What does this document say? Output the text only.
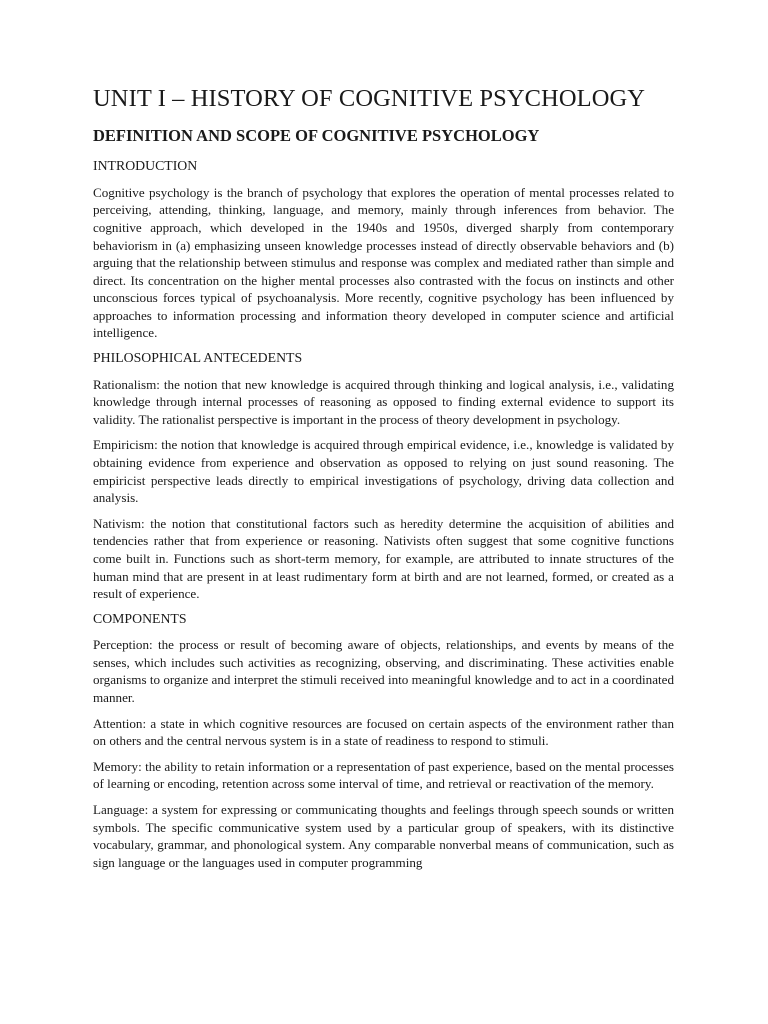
UNIT I – HISTORY OF COGNITIVE PSYCHOLOGY
DEFINITION AND SCOPE OF COGNITIVE PSYCHOLOGY
INTRODUCTION

Cognitive psychology is the branch of psychology that explores the operation of mental processes related to perceiving, attending, thinking, language, and memory, mainly through inferences from behavior. The cognitive approach, which developed in the 1940s and 1950s, diverged sharply from contemporary behaviorism in (a) emphasizing unseen knowledge processes instead of directly observable behaviors and (b) arguing that the relationship between stimulus and response was complex and mediated rather than simple and direct. Its concentration on the higher mental processes also contrasted with the focus on instincts and other unconscious forces typical of psychoanalysis. More recently, cognitive psychology has been influenced by approaches to information processing and information theory developed in computer science and artificial intelligence.

PHILOSOPHICAL ANTECEDENTS

Rationalism: the notion that new knowledge is acquired through thinking and logical analysis, i.e., validating knowledge through internal processes of reasoning as opposed to finding external evidence to support its validity. The rationalist perspective is important in the process of theory development in psychology.

Empiricism: the notion that knowledge is acquired through empirical evidence, i.e., knowledge is validated by obtaining evidence from experience and observation as opposed to relying on just sound reasoning. The empiricist perspective leads directly to empirical investigations of psychology, driving data collection and analysis.

Nativism: the notion that constitutional factors such as heredity determine the acquisition of abilities and tendencies rather that from experience or reasoning. Nativists often suggest that some cognitive functions come built in. Functions such as short-term memory, for example, are attributed to innate structures of the human mind that are present in at least rudimentary form at birth and are not learned, formed, or created as a result of experience.

COMPONENTS

Perception: the process or result of becoming aware of objects, relationships, and events by means of the senses, which includes such activities as recognizing, observing, and discriminating. These activities enable organisms to organize and interpret the stimuli received into meaningful knowledge and to act in a coordinated manner.

Attention: a state in which cognitive resources are focused on certain aspects of the environment rather than on others and the central nervous system is in a state of readiness to respond to stimuli.

Memory: the ability to retain information or a representation of past experience, based on the mental processes of learning or encoding, retention across some interval of time, and retrieval or reactivation of the memory.

Language: a system for expressing or communicating thoughts and feelings through speech sounds or written symbols. The specific communicative system used by a particular group of speakers, with its distinctive vocabulary, grammar, and phonological system. Any comparable nonverbal means of communication, such as sign language or the languages used in computer programming
